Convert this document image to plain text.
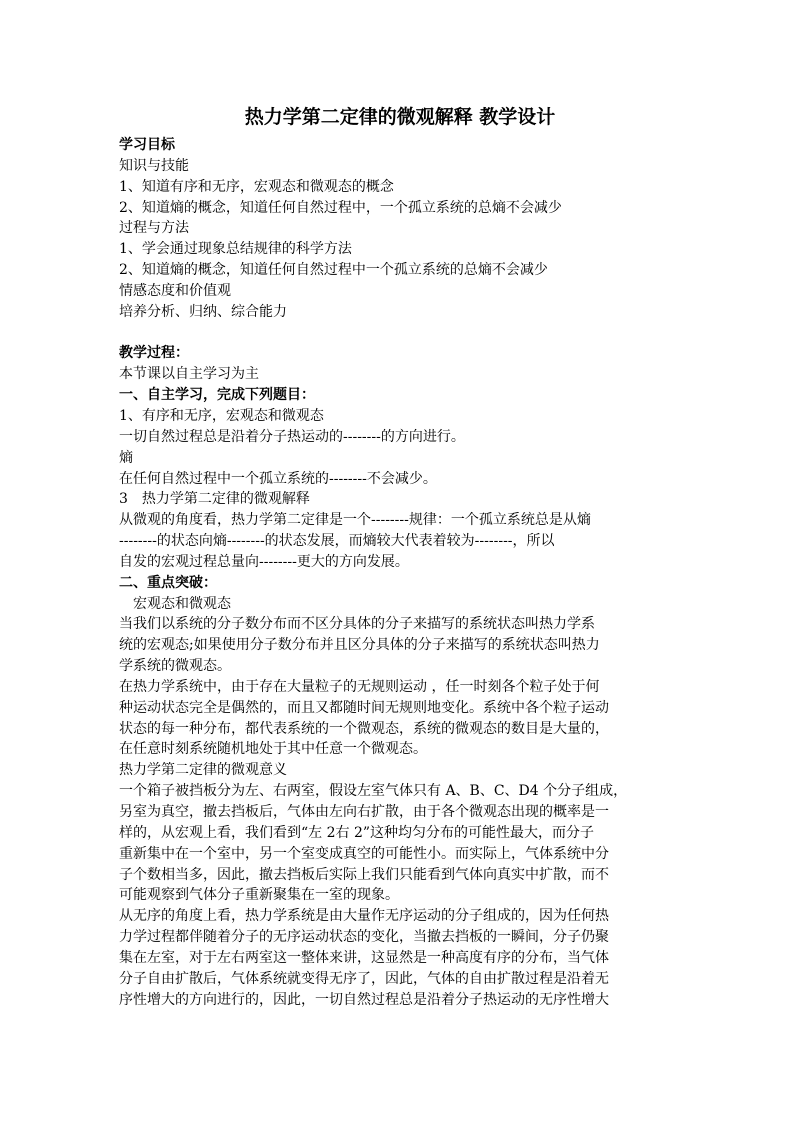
热力学第二定律的微观解释 教学设计
学习目标
知识与技能
1、知道有序和无序，宏观态和微观态的概念
2、知道熵的概念，知道任何自然过程中，一个孤立系统的总熵不会减少
过程与方法
1、学会通过现象总结规律的科学方法
2、知道熵的概念，知道任何自然过程中一个孤立系统的总熵不会减少
情感态度和价值观
培养分析、归纳、综合能力
教学过程：
本节课以自主学习为主
一、自主学习，完成下列题目：
1、有序和无序，宏观态和微观态
一切自然过程总是沿着分子热运动的--------的方向进行。
熵
在任何自然过程中一个孤立系统的--------不会减少。
3　热力学第二定律的微观解释
从微观的角度看，热力学第二定律是一个--------规律：一个孤立系统总是从熵
--------的状态向熵--------的状态发展，而熵较大代表着较为--------，所以
自发的宏观过程总量向--------更大的方向发展。
二、重点突破：
　宏观态和微观态
当我们以系统的分子数分布而不区分具体的分子来描写的系统状态叫热力学系
统的宏观态;如果使用分子数分布并且区分具体的分子来描写的系统状态叫热力
学系统的微观态。
在热力学系统中，由于存在大量粒子的无规则运动 ，任一时刻各个粒子处于何
种运动状态完全是偶然的，而且又都随时间无规则地变化。系统中各个粒子运动
状态的每一种分布，都代表系统的一个微观态，系统的微观态的数目是大量的，
在任意时刻系统随机地处于其中任意一个微观态。
热力学第二定律的微观意义
一个箱子被挡板分为左、右两室，假设左室气体只有 A、B、C、D4 个分子组成，
另室为真空，撤去挡板后，气体由左向右扩散，由于各个微观态出现的概率是一
样的，从宏观上看，我们看到“左 2右 2”这种均匀分布的可能性最大，而分子
重新集中在一个室中，另一个室变成真空的可能性小。而实际上，气体系统中分
子个数相当多，因此，撤去挡板后实际上我们只能看到气体向真实中扩散，而不
可能观察到气体分子重新聚集在一室的现象。
从无序的角度上看，热力学系统是由大量作无序运动的分子组成的，因为任何热
力学过程都伴随着分子的无序运动状态的变化，当撤去挡板的一瞬间，分子仍聚
集在左室，对于左右两室这一整体来讲，这显然是一种高度有序的分布，当气体
分子自由扩散后，气体系统就变得无序了，因此，气体的自由扩散过程是沿着无
序性增大的方向进行的，因此，一切自然过程总是沿着分子热运动的无序性增大
